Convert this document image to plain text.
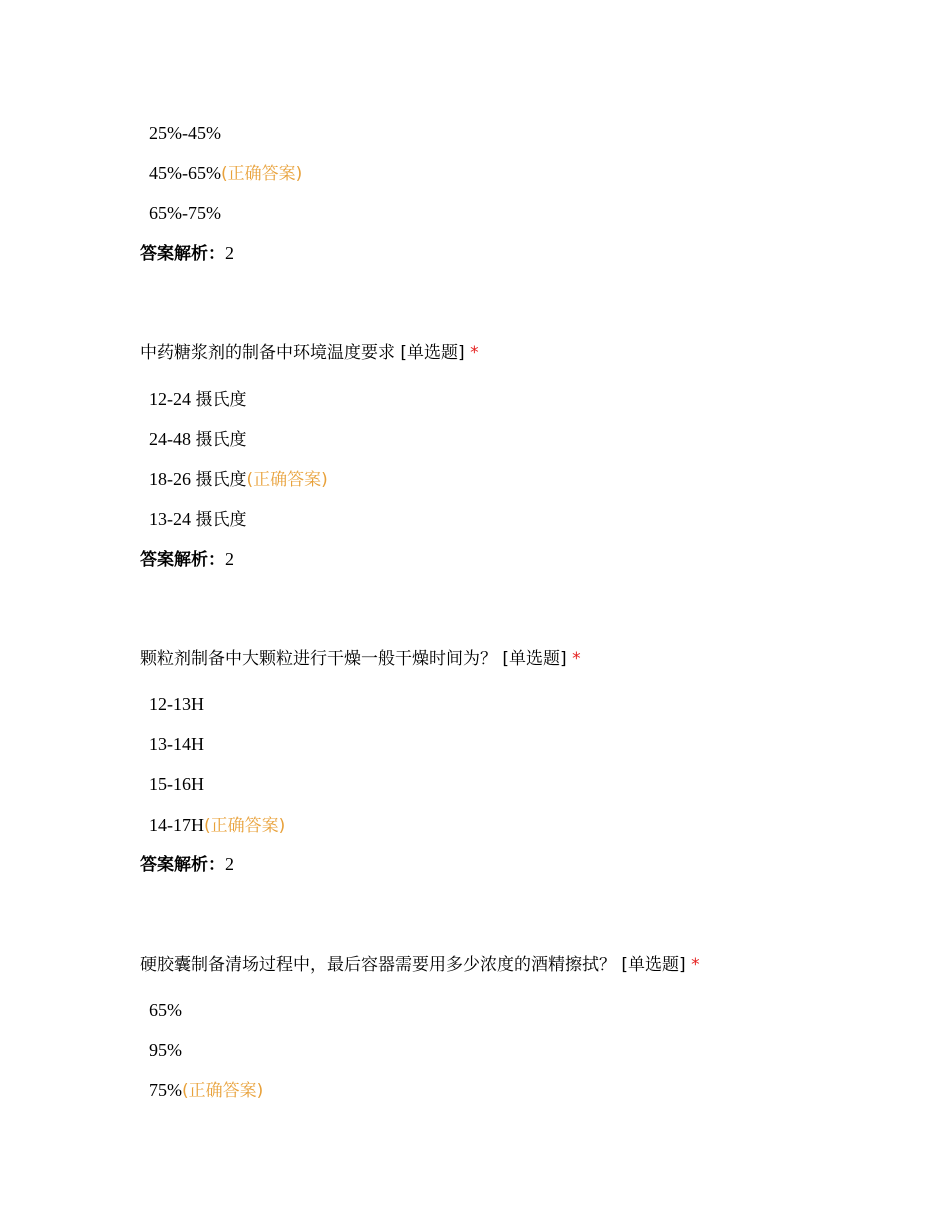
25%-45%
45%-65%(正确答案)
65%-75%
答案解析：2
中药糖浆剂的制备中环境温度要求 [单选题] *
12-24 摄氏度
24-48 摄氏度
18-26 摄氏度(正确答案)
13-24 摄氏度
答案解析：2
颗粒剂制备中大颗粒进行干燥一般干燥时间为？ [单选题] *
12-13H
13-14H
15-16H
14-17H(正确答案)
答案解析：2
硬胶囊制备清场过程中，最后容器需要用多少浓度的酒精擦拭？ [单选题] *
65%
95%
75%(正确答案)
